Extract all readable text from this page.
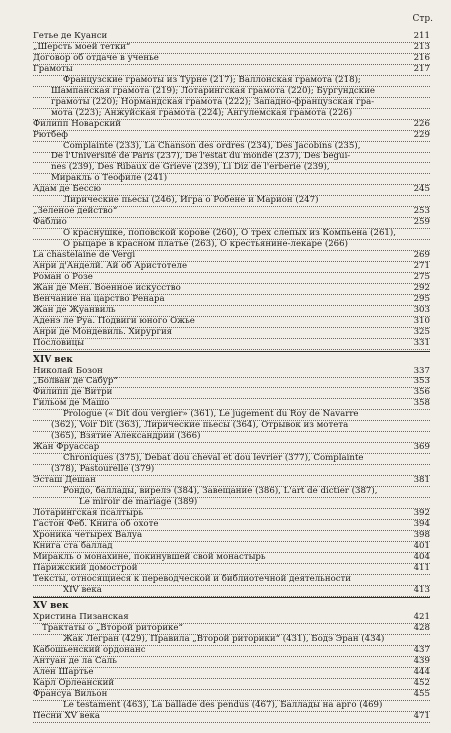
Стр.
Гетье де Куанси	211
„Шерсть моей тетки“	213
Договор об отдаче в ученье	216
Грамоты	217
Французские грамоты из Турне (217); Валлонская грамота (218);
Шампанская грамота (219); Лотарингская грамота (220); Бургундские
грамоты (220); Нормандская грамота (222); Западно-французская гра-
мота (223); Анжуйская грамота (224); Ангулемская грамота (226)
Филипп Новарский	226
Рютбеф	229
Complainte (233), La Chanson des ordres (234), Des Jacobins (235),
De l'Université de Paris (237), De l'estat du monde (237), Des begui-
nes (239), Des Ribaux de Grieve (239), Li Diz de l'erberie (239),
Миракль о Теофиле (241)
Адам де Бесcю	245
Лирические пьесы (246), Игра о Робене и Марион (247)
„Зеленое действо“	253
Фаблио	259
О краснушке, поповской корове (260), О трех слепых из Компьена (261),
О рыцаре в красном платье (263), О крестьянине-лекаре (266)
La chastelaine de Vergi	269
Анри д'Анделй. Ай об Аристотеле	271
Роман о Розе	275
Жан де Мен. Военное искусство	292
Венчание на царство Ренара	295
Жан де Жуанвиль	303
Аденэ ле Руа. Подвиги юного Ожье	310
Анри де Мондевиль. Хирургия	325
Пословицы	331
XIV век
Николай Бозон	337
„Болван де Сабур“	353
Филипп де Витри	356
Гильом де Машо	358
Prologue (« Dit dou vergier» (361), Le jugement du Roy de Navarre
(362), Voir Dit (363), Лирические пьесы (364), Отрывок из мотета
(365), Взятие Александрии (366)
Жан Фруассар	369
Chroniques (375), Debat dou cheval et dou levrier (377), Complainte
(378), Pastourelle (379)
Эсташ Дешан	381
Рондо, баллады, вирелэ (384), Завещание (386), L'art de dictier (387),
Le miroir de mariage (389)
Лотарингская псалтырь	392
Гастон Феб. Книга об охоте	394
Хроника четырех Валуа	398
Книга ста баллад	401
Миракль о монахине, покинувшей свой монастырь	404
Парижский домострой	411
Тексты, относящиеся к переводческой и библиотечной деятельности
XIV века	413
XV век
Христина Пизанская	421
Трактаты о „Второй риторике“	428
Жак Легран (429), Правила „Второй риторики“ (431), Бодэ Эран (434)
Кабошьенский ордонанс	437
Антуан де ла Саль	439
Ален Шартье	444
Карл Орлеанский	452
Франсуа Вильон	455
Le testament (463), La ballade des pendus (467), Баллады на арго (469)
Песни XV века	471
